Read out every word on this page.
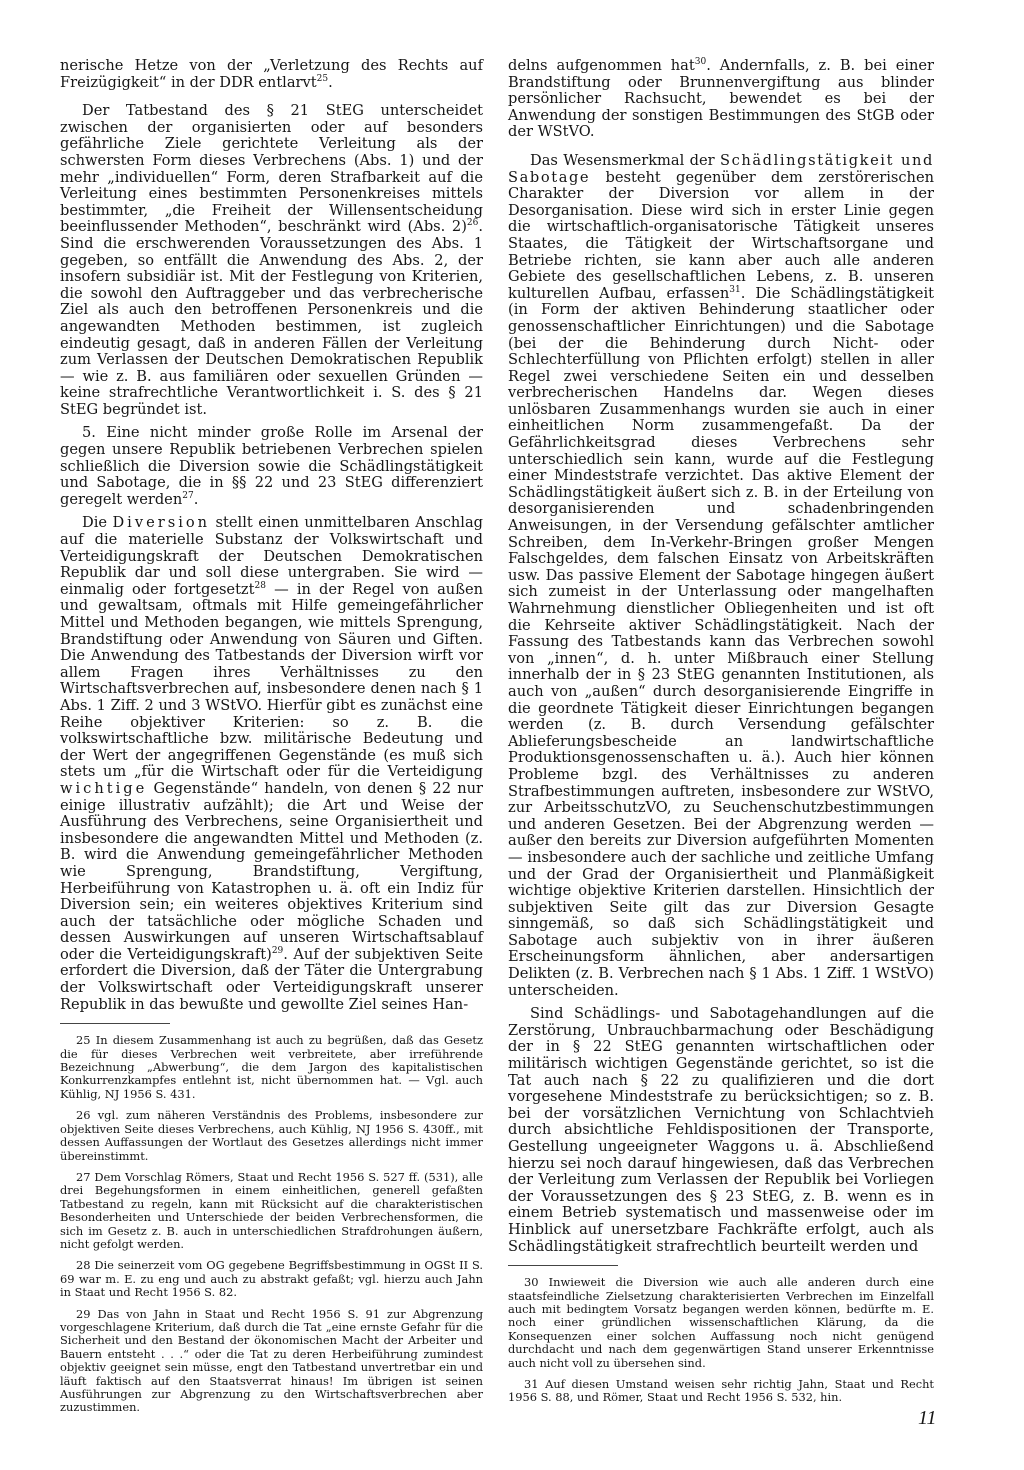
nerische Hetze von der „Verletzung des Rechts auf Freizügigkeit“ in der DDR entlarvt$^{25}$.

Der Tatbestand des § 21 StEG unterscheidet zwischen der organisierten oder auf besonders gefährliche Ziele gerichtete Verleitung als der schwersten Form dieses Verbrechens (Abs. 1) und der mehr „individuellen“ Form, deren Strafbarkeit auf die Verleitung eines bestimmten Personenkreises mittels bestimmter, „die Freiheit der Willensentscheidung beeinflussender Methoden“, beschränkt wird (Abs. 2)$^{26}$. Sind die erschwerenden Voraussetzungen des Abs. 1 gegeben, so entfällt die Anwendung des Abs. 2, der insofern subsidiär ist. Mit der Festlegung von Kriterien, die sowohl den Auftraggeber und das verbrecherische Ziel als auch den betroffenen Personenkreis und die angewandten Methoden bestimmen, ist zugleich eindeutig gesagt, daß in anderen Fällen der Verleitung zum Verlassen der Deutschen Demokratischen Republik — wie z. B. aus familiären oder sexuellen Gründen — keine strafrechtliche Verantwortlichkeit i. S. des § 21 StEG begründet ist.

5. Eine nicht minder große Rolle im Arsenal der gegen unsere Republik betriebenen Verbrechen spielen schließlich die Diversion sowie die Schädlingstätigkeit und Sabotage, die in §§ 22 und 23 StEG differenziert geregelt werden$^{27}$.

Die Diversion stellt einen unmittelbaren Anschlag auf die materielle Substanz der Volkswirtschaft und Verteidigungskraft der Deutschen Demokratischen Republik dar und soll diese untergraben. Sie wird — einmalig oder fortgesetzt$^{28}$ — in der Regel von außen und gewaltsam, oftmals mit Hilfe gemeingefährlicher Mittel und Methoden begangen, wie mittels Sprengung, Brandstiftung oder Anwendung von Säuren und Giften. Die Anwendung des Tatbestands der Diversion wirft vor allem Fragen ihres Verhältnisses zu den Wirtschaftsverbrechen auf, insbesondere denen nach § 1 Abs. 1 Ziff. 2 und 3 WStVO. Hierfür gibt es zunächst eine Reihe objektiver Kriterien: so z. B. die volkswirtschaftliche bzw. militärische Bedeutung und der Wert der angegriffenen Gegenstände (es muß sich stets um „für die Wirtschaft oder für die Verteidigung wichtige Gegenstände“ handeln, von denen § 22 nur einige illustrativ aufzählt); die Art und Weise der Ausführung des Verbrechens, seine Organisiertheit und insbesondere die angewandten Mittel und Methoden (z. B. wird die Anwendung gemeingefährlicher Methoden wie Sprengung, Brandstiftung, Vergiftung, Herbeiführung von Katastrophen u. ä. oft ein Indiz für Diversion sein; ein weiteres objektives Kriterium sind auch der tatsächliche oder mögliche Schaden und dessen Auswirkungen auf unseren Wirtschaftsablauf oder die Verteidigungskraft)$^{29}$. Auf der subjektiven Seite erfordert die Diversion, daß der Täter die Untergrabung der Volkswirtschaft oder Verteidigungskraft unserer Republik in das bewußte und gewollte Ziel seines Han-

25 In diesem Zusammenhang ist auch zu begrüßen, daß das Gesetz die für dieses Verbrechen weit verbreitete, aber irreführende Bezeichnung „Abwerbung“, die dem Jargon des kapitalistischen Konkurrenzkampfes entlehnt ist, nicht übernommen hat. — Vgl. auch Kühlig, NJ 1956 S. 431.

26 vgl. zum näheren Verständnis des Problems, insbesondere zur objektiven Seite dieses Verbrechens, auch Kühlig, NJ 1956 S. 430ff., mit dessen Auffassungen der Wortlaut des Gesetzes allerdings nicht immer übereinstimmt.

27 Dem Vorschlag Römers, Staat und Recht 1956 S. 527 ff. (531), alle drei Begehungsformen in einem einheitlichen, generell gefaßten Tatbestand zu regeln, kann mit Rücksicht auf die charakteristischen Besonderheiten und Unterschiede der beiden Verbrechensformen, die sich im Gesetz z. B. auch in unterschiedlichen Strafdrohungen äußern, nicht gefolgt werden.

28 Die seinerzeit vom OG gegebene Begriffsbestimmung in OGSt II S. 69 war m. E. zu eng und auch zu abstrakt gefaßt; vgl. hierzu auch Jahn in Staat und Recht 1956 S. 82.

29 Das von Jahn in Staat und Recht 1956 S. 91 zur Abgrenzung vorgeschlagene Kriterium, daß durch die Tat „eine ernste Gefahr für die Sicherheit und den Bestand der ökonomischen Macht der Arbeiter und Bauern entsteht . . .“ oder die Tat zu deren Herbeiführung zumindest objektiv geeignet sein müsse, engt den Tatbestand unvertretbar ein und läuft faktisch auf den Staatsverrat hinaus! Im übrigen ist seinen Ausführungen zur Abgrenzung zu den Wirtschaftsverbrechen aber zuzustimmen.

delns aufgenommen hat$^{30}$. Andernfalls, z. B. bei einer Brandstiftung oder Brunnenvergiftung aus blinder persönlicher Rachsucht, bewendet es bei der Anwendung der sonstigen Bestimmungen des StGB oder der WStVO.

Das Wesensmerkmal der Schädlingstätigkeit und Sabotage besteht gegenüber dem zerstörerischen Charakter der Diversion vor allem in der Desorganisation. Diese wird sich in erster Linie gegen die wirtschaftlich-organisatorische Tätigkeit unseres Staates, die Tätigkeit der Wirtschaftsorgane und Betriebe richten, sie kann aber auch alle anderen Gebiete des gesellschaftlichen Lebens, z. B. unseren kulturellen Aufbau, erfassen$^{31}$. Die Schädlingstätigkeit (in Form der aktiven Behinderung staatlicher oder genossenschaftlicher Einrichtungen) und die Sabotage (bei der die Behinderung durch Nicht- oder Schlechterfüllung von Pflichten erfolgt) stellen in aller Regel zwei verschiedene Seiten ein und desselben verbrecherischen Handelns dar. Wegen dieses unlösbaren Zusammenhangs wurden sie auch in einer einheitlichen Norm zusammengefaßt. Da der Gefährlichkeitsgrad dieses Verbrechens sehr unterschiedlich sein kann, wurde auf die Festlegung einer Mindeststrafe verzichtet. Das aktive Element der Schädlingstätigkeit äußert sich z. B. in der Erteilung von desorganisierenden und schadenbringenden Anweisungen, in der Versendung gefälschter amtlicher Schreiben, dem In-Verkehr-Bringen großer Mengen Falschgeldes, dem falschen Einsatz von Arbeitskräften usw. Das passive Element der Sabotage hingegen äußert sich zumeist in der Unterlassung oder mangelhaften Wahrnehmung dienstlicher Obliegenheiten und ist oft die Kehrseite aktiver Schädlingstätigkeit. Nach der Fassung des Tatbestands kann das Verbrechen sowohl von „innen“, d. h. unter Mißbrauch einer Stellung innerhalb der in § 23 StEG genannten Institutionen, als auch von „außen“ durch desorganisierende Eingriffe in die geordnete Tätigkeit dieser Einrichtungen begangen werden (z. B. durch Versendung gefälschter Ablieferungsbescheide an landwirtschaftliche Produktionsgenossenschaften u. ä.). Auch hier können Probleme bzgl. des Verhältnisses zu anderen Strafbestimmungen auftreten, insbesondere zur WStVO, zur ArbeitsschutzVO, zu Seuchenschutzbestimmungen und anderen Gesetzen. Bei der Abgrenzung werden — außer den bereits zur Diversion aufgeführten Momenten — insbesondere auch der sachliche und zeitliche Umfang und der Grad der Organisiertheit und Planmäßigkeit wichtige objektive Kriterien darstellen. Hinsichtlich der subjektiven Seite gilt das zur Diversion Gesagte sinngemäß, so daß sich Schädlingstätigkeit und Sabotage auch subjektiv von in ihrer äußeren Erscheinungsform ähnlichen, aber andersartigen Delikten (z. B. Verbrechen nach § 1 Abs. 1 Ziff. 1 WStVO) unterscheiden.

Sind Schädlings- und Sabotagehandlungen auf die Zerstörung, Unbrauchbarmachung oder Beschädigung der in § 22 StEG genannten wirtschaftlichen oder militärisch wichtigen Gegenstände gerichtet, so ist die Tat auch nach § 22 zu qualifizieren und die dort vorgesehene Mindeststrafe zu berücksichtigen; so z. B. bei der vorsätzlichen Vernichtung von Schlachtvieh durch absichtliche Fehldispositionen der Transporte, Gestellung ungeeigneter Waggons u. ä. Abschließend hierzu sei noch darauf hingewiesen, daß das Verbrechen der Verleitung zum Verlassen der Republik bei Vorliegen der Voraussetzungen des § 23 StEG, z. B. wenn es in einem Betrieb systematisch und massenweise oder im Hinblick auf unersetzbare Fachkräfte erfolgt, auch als Schädlingstätigkeit strafrechtlich beurteilt werden und

30 Inwieweit die Diversion wie auch alle anderen durch eine staatsfeindliche Zielsetzung charakterisierten Verbrechen im Einzelfall auch mit bedingtem Vorsatz begangen werden können, bedürfte m. E. noch einer gründlichen wissenschaftlichen Klärung, da die Konsequenzen einer solchen Auffassung noch nicht genügend durchdacht und nach dem gegenwärtigen Stand unserer Erkenntnisse auch nicht voll zu übersehen sind.

31 Auf diesen Umstand weisen sehr richtig Jahn, Staat und Recht 1956 S. 88, und Römer, Staat und Recht 1956 S. 532, hin.

11
